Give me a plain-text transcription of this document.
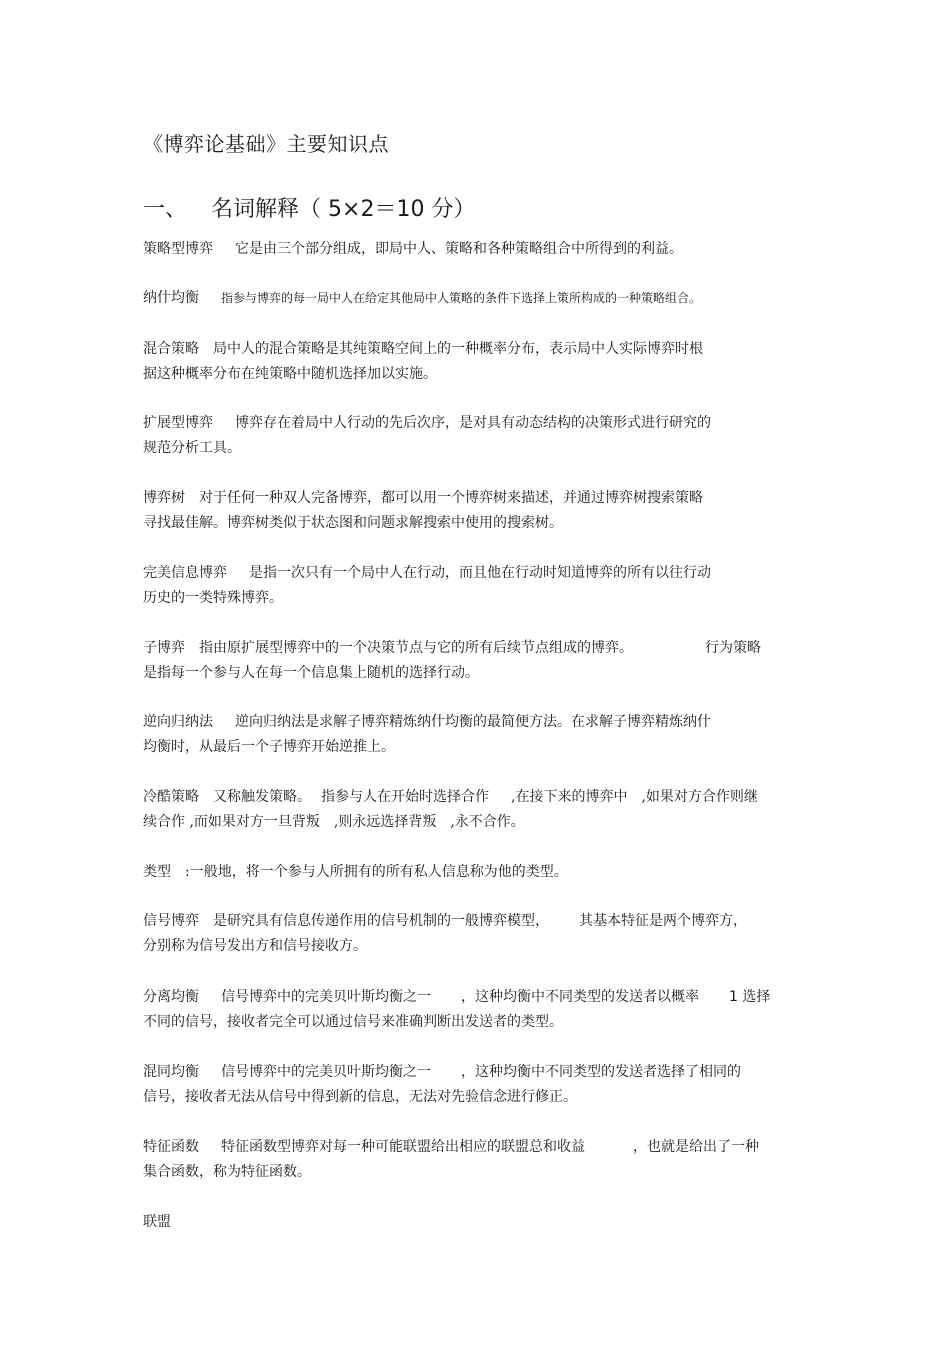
《博弈论基础》主要知识点
一、 名词解释（ 5×2＝10 分）
策略型博弈 它是由三个部分组成，即局中人、策略和各种策略组合中所得到的利益。
纳什均衡 指参与博弈的每一局中人在给定其他局中人策略的条件下选择上策所构成的一种策略组合。
混合策略 局中人的混合策略是其纯策略空间上的一种概率分布，表示局中人实际博弈时根
据这种概率分布在纯策略中随机选择加以实施。
扩展型博弈 博弈存在着局中人行动的先后次序，是对具有动态结构的决策形式进行研究的
规范分析工具。
博弈树 对于任何一种双人完备博弈，都可以用一个博弈树来描述，并通过博弈树搜索策略
寻找最佳解。博弈树类似于状态图和问题求解搜索中使用的搜索树。
完美信息博弈 是指一次只有一个局中人在行动，而且他在行动时知道博弈的所有以往行动
历史的一类特殊博弈。
子博弈 指由原扩展型博弈中的一个决策节点与它的所有后续节点组成的博弈。	行为策略
是指每一个参与人在每一个信息集上随机的选择行动。
逆向归纳法 逆向归纳法是求解子博弈精炼纳什均衡的最简便方法。在求解子博弈精炼纳什
均衡时，从最后一个子博弈开始逆推上。
冷酷策略 又称触发策略。 指参与人在开始时选择合作 ,在接下来的博弈中 ,如果对方合作则继
续合作 ,而如果对方一旦背叛 ,则永远选择背叛 ,永不合作。
类型 :一般地，将一个参与人所拥有的所有私人信息称为他的类型。
信号博弈 是研究具有信息传递作用的信号机制的一般博弈模型， 其基本特征是两个博弈方，
分别称为信号发出方和信号接收方。
分离均衡 信号博弈中的完美贝叶斯均衡之一 ，这种均衡中不同类型的发送者以概率 1 选择
不同的信号，接收者完全可以通过信号来准确判断出发送者的类型。
混同均衡 信号博弈中的完美贝叶斯均衡之一 ，这种均衡中不同类型的发送者选择了相同的
信号，接收者无法从信号中得到新的信息，无法对先验信念进行修正。
特征函数 特征函数型博弈对每一种可能联盟给出相应的联盟总和收益	，也就是给出了一种
集合函数，称为特征函数。
联盟
